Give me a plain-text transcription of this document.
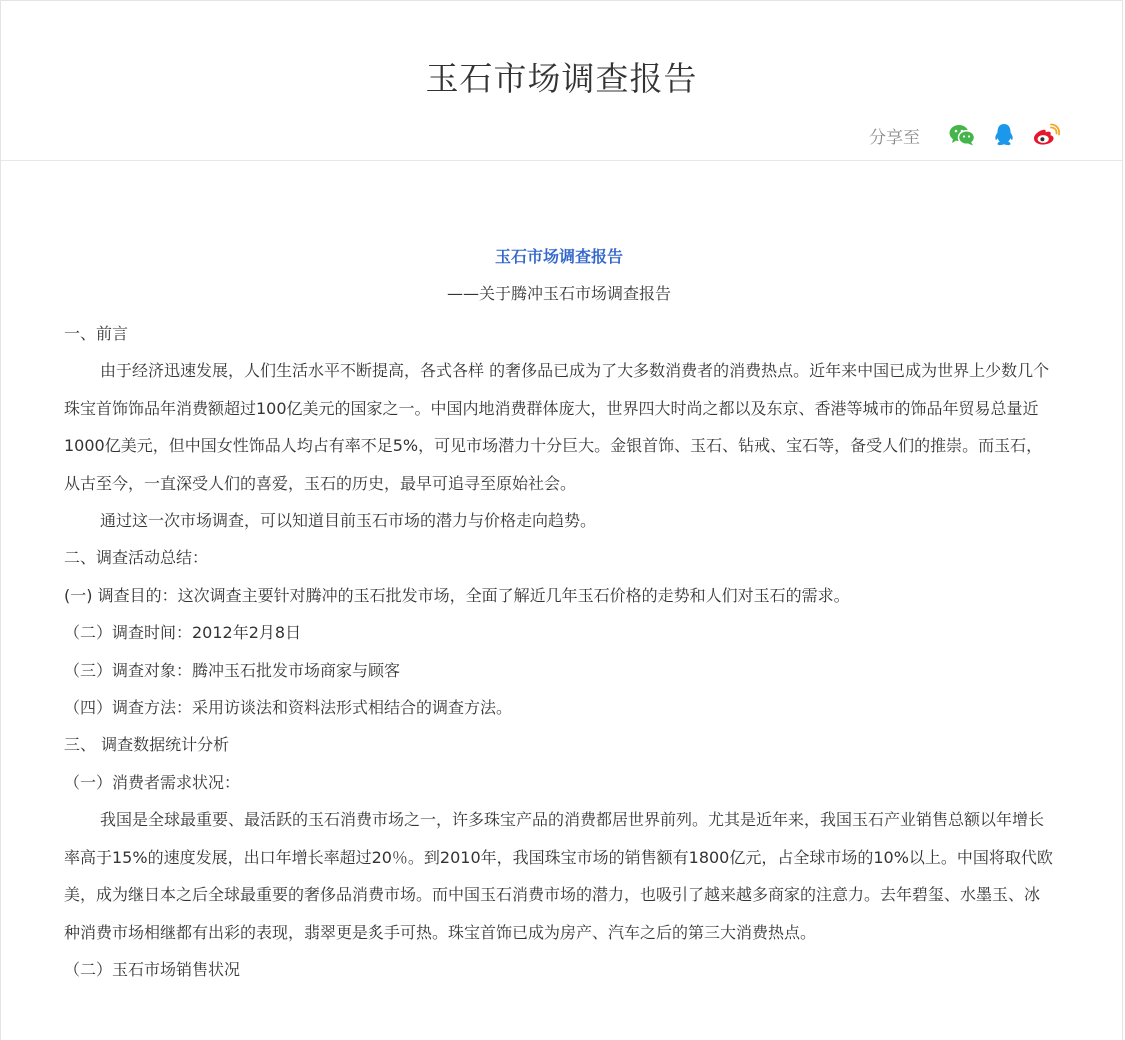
玉石市场调查报告
分享至
玉石市场调查报告
——关于腾冲玉石市场调查报告

一、前言

由于经济迅速发展，人们生活水平不断提高，各式各样 的奢侈品已成为了大多数消费者的消费热点。近年来中国已成为世界上少数几个珠宝首饰饰品年消费额超过100亿美元的国家之一。中国内地消费群体庞大，世界四大时尚之都以及东京、香港等城市的饰品年贸易总量近1000亿美元，但中国女性饰品人均占有率不足5%，可见市场潜力十分巨大。金银首饰、玉石、钻戒、宝石等，备受人们的推崇。而玉石，从古至今，一直深受人们的喜爱，玉石的历史，最早可追寻至原始社会。

通过这一次市场调查，可以知道目前玉石市场的潜力与价格走向趋势。

二、调查活动总结：

(一) 调查目的：这次调查主要针对腾冲的玉石批发市场，全面了解近几年玉石价格的走势和人们对玉石的需求。

（二）调查时间：2012年2月8日

（三）调查对象：腾冲玉石批发市场商家与顾客

（四）调查方法：采用访谈法和资料法形式相结合的调查方法。

三、 调查数据统计分析

（一）消费者需求状况：

我国是全球最重要、最活跃的玉石消费市场之一，许多珠宝产品的消费都居世界前列。尤其是近年来，我国玉石产业销售总额以年增长率高于15%的速度发展，出口年增长率超过20％。到2010年，我国珠宝市场的销售额有1800亿元，占全球市场的10%以上。中国将取代欧美，成为继日本之后全球最重要的奢侈品消费市场。而中国玉石消费市场的潜力，也吸引了越来越多商家的注意力。去年碧玺、水墨玉、冰种消费市场相继都有出彩的表现，翡翠更是炙手可热。珠宝首饰已成为房产、汽车之后的第三大消费热点。

（二）玉石市场销售状况
